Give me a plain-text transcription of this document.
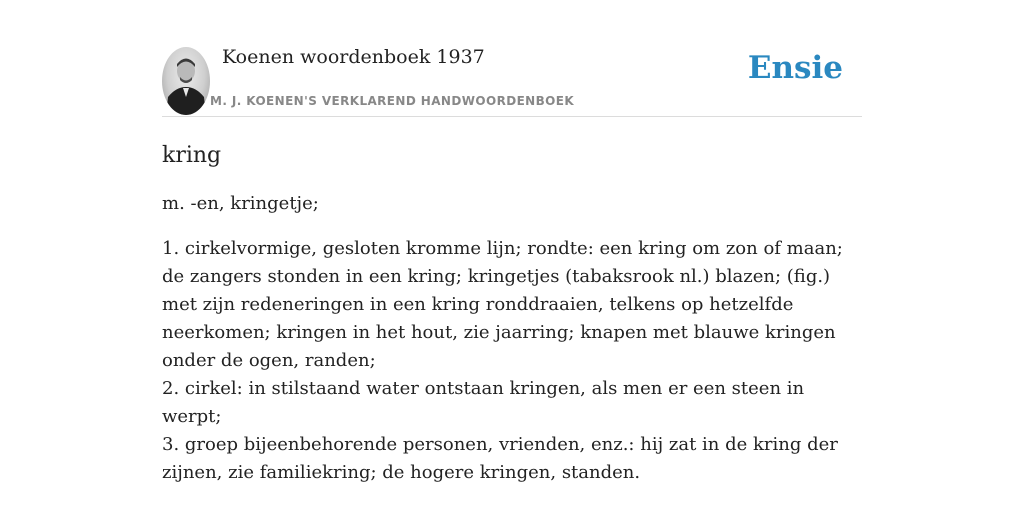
Koenen woordenboek 1937
M. J. KOENEN'S VERKLAREND HANDWOORDENBOEK
Ensie
kring
m. -en, kringetje;

1. cirkelvormige, gesloten kromme lijn; rondte: een kring om zon of maan; de zangers stonden in een kring; kringetjes (tabaksrook nl.) blazen; (fig.) met zijn redeneringen in een kring ronddraaien, telkens op hetzelfde neerkomen; kringen in het hout, zie jaarring; knapen met blauwe kringen onder de ogen, randen;

2. cirkel: in stilstaand water ontstaan kringen, als men er een steen in werpt;

3. groep bijeenbehorende personen, vrienden, enz.: hij zat in de kring der zijnen, zie familiekring; de hogere kringen, standen.
